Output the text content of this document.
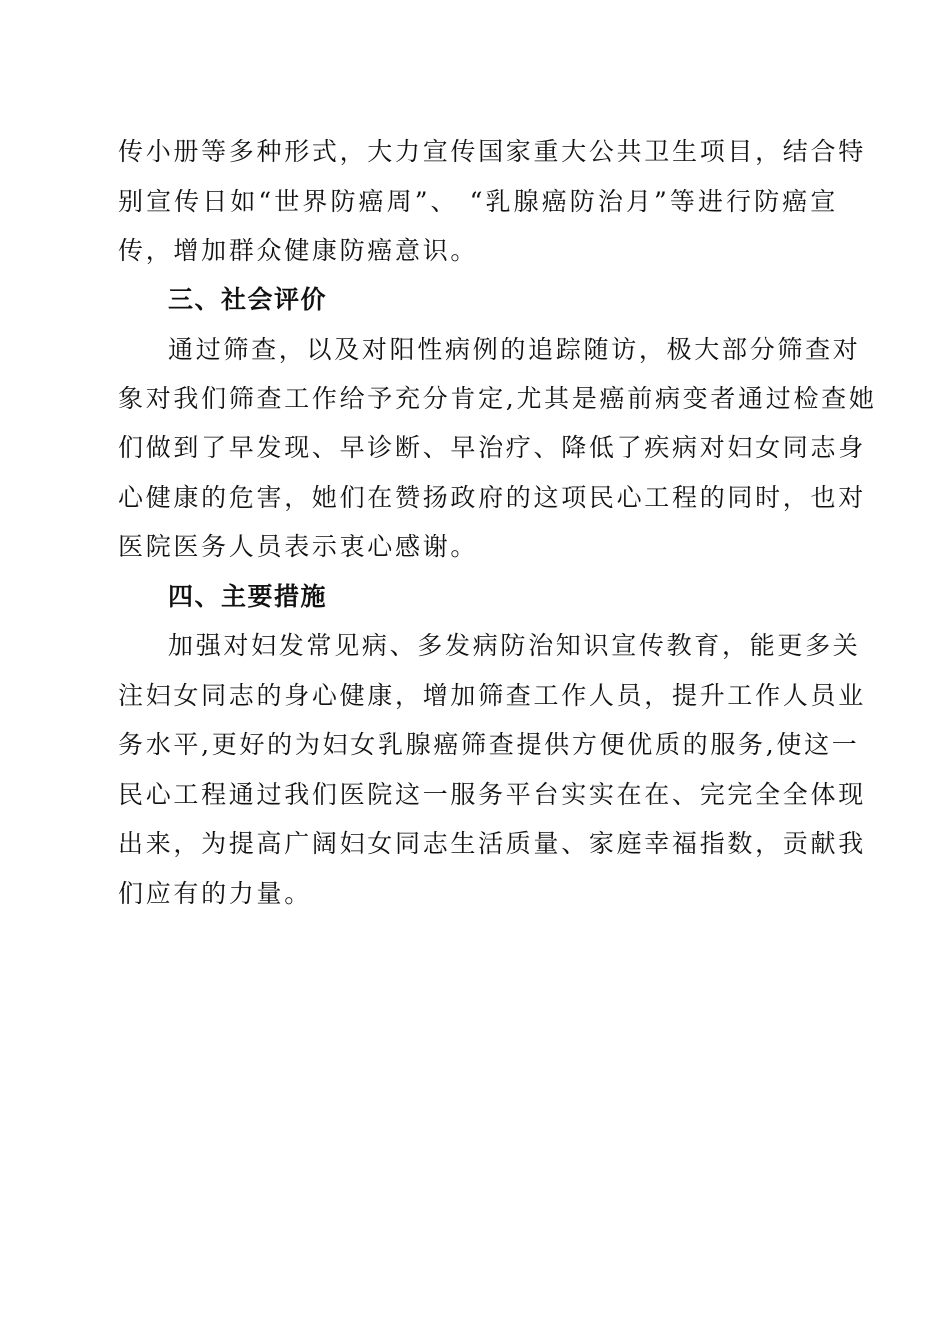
传小册等多种形式，大力宣传国家重大公共卫生项目，结合特
别宣传日如“世界防癌周”、 “乳腺癌防治月”等进行防癌宣
传，增加群众健康防癌意识。
三、社会评价
通过筛查，以及对阳性病例的追踪随访，极大部分筛查对
象对我们筛查工作给予充分肯定,尤其是癌前病变者通过检查她
们做到了早发现、早诊断、早治疗、降低了疾病对妇女同志身
心健康的危害，她们在赞扬政府的这项民心工程的同时，也对
医院医务人员表示衷心感谢。
四、主要措施
加强对妇发常见病、多发病防治知识宣传教育，能更多关
注妇女同志的身心健康，增加筛查工作人员，提升工作人员业
务水平,更好的为妇女乳腺癌筛查提供方便优质的服务,使这一
民心工程通过我们医院这一服务平台实实在在、完完全全体现
出来，为提高广阔妇女同志生活质量、家庭幸福指数，贡献我
们应有的力量。
